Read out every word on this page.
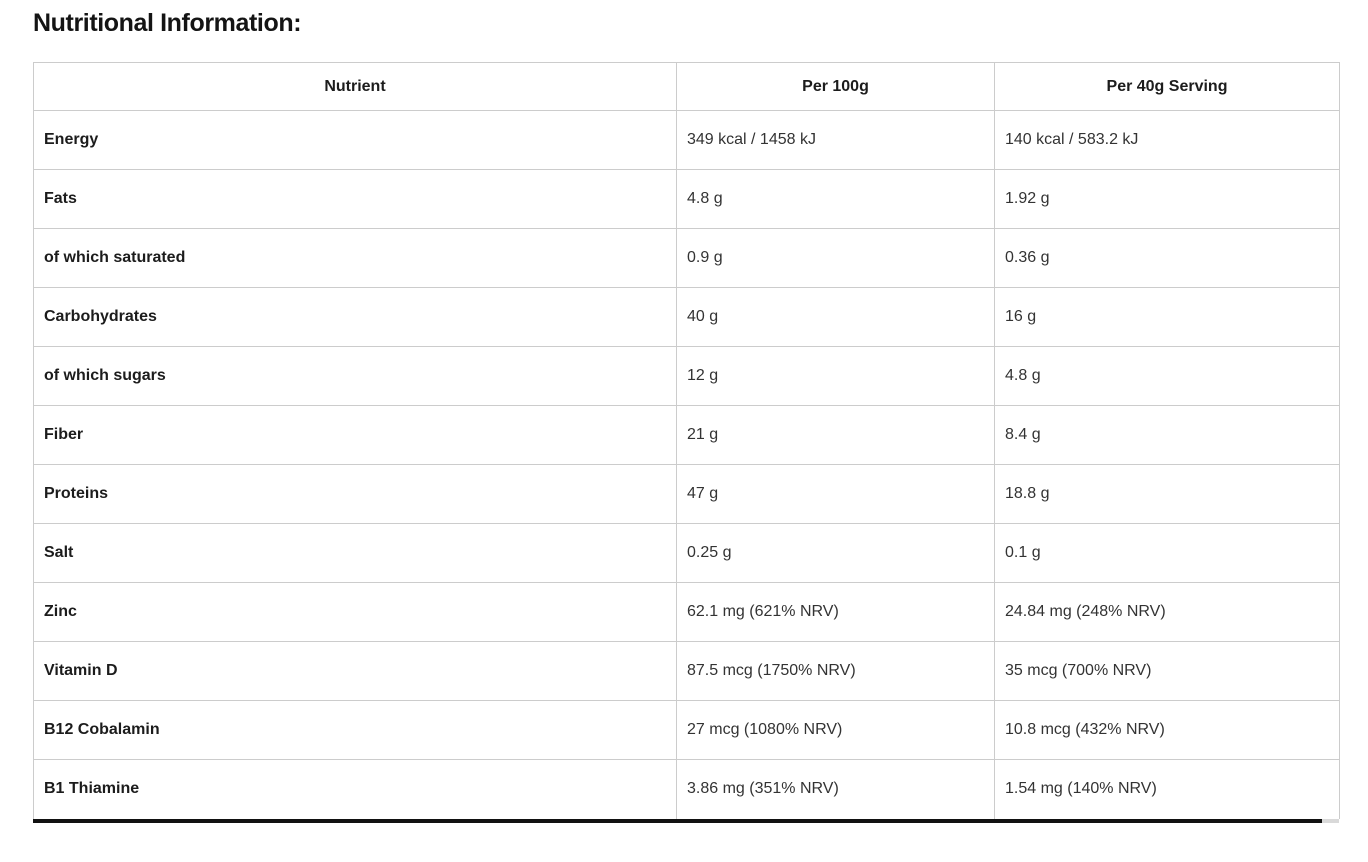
Nutritional Information:
Nutrient	Per 100g	Per 40g Serving
Energy	349 kcal / 1458 kJ	140 kcal / 583.2 kJ
Fats	4.8 g	1.92 g
of which saturated	0.9 g	0.36 g
Carbohydrates	40 g	16 g
of which sugars	12 g	4.8 g
Fiber	21 g	8.4 g
Proteins	47 g	18.8 g
Salt	0.25 g	0.1 g
Zinc	62.1 mg (621% NRV)	24.84 mg (248% NRV)
Vitamin D	87.5 mcg (1750% NRV)	35 mcg (700% NRV)
B12 Cobalamin	27 mcg (1080% NRV)	10.8 mcg (432% NRV)
B1 Thiamine	3.86 mg (351% NRV)	1.54 mg (140% NRV)
